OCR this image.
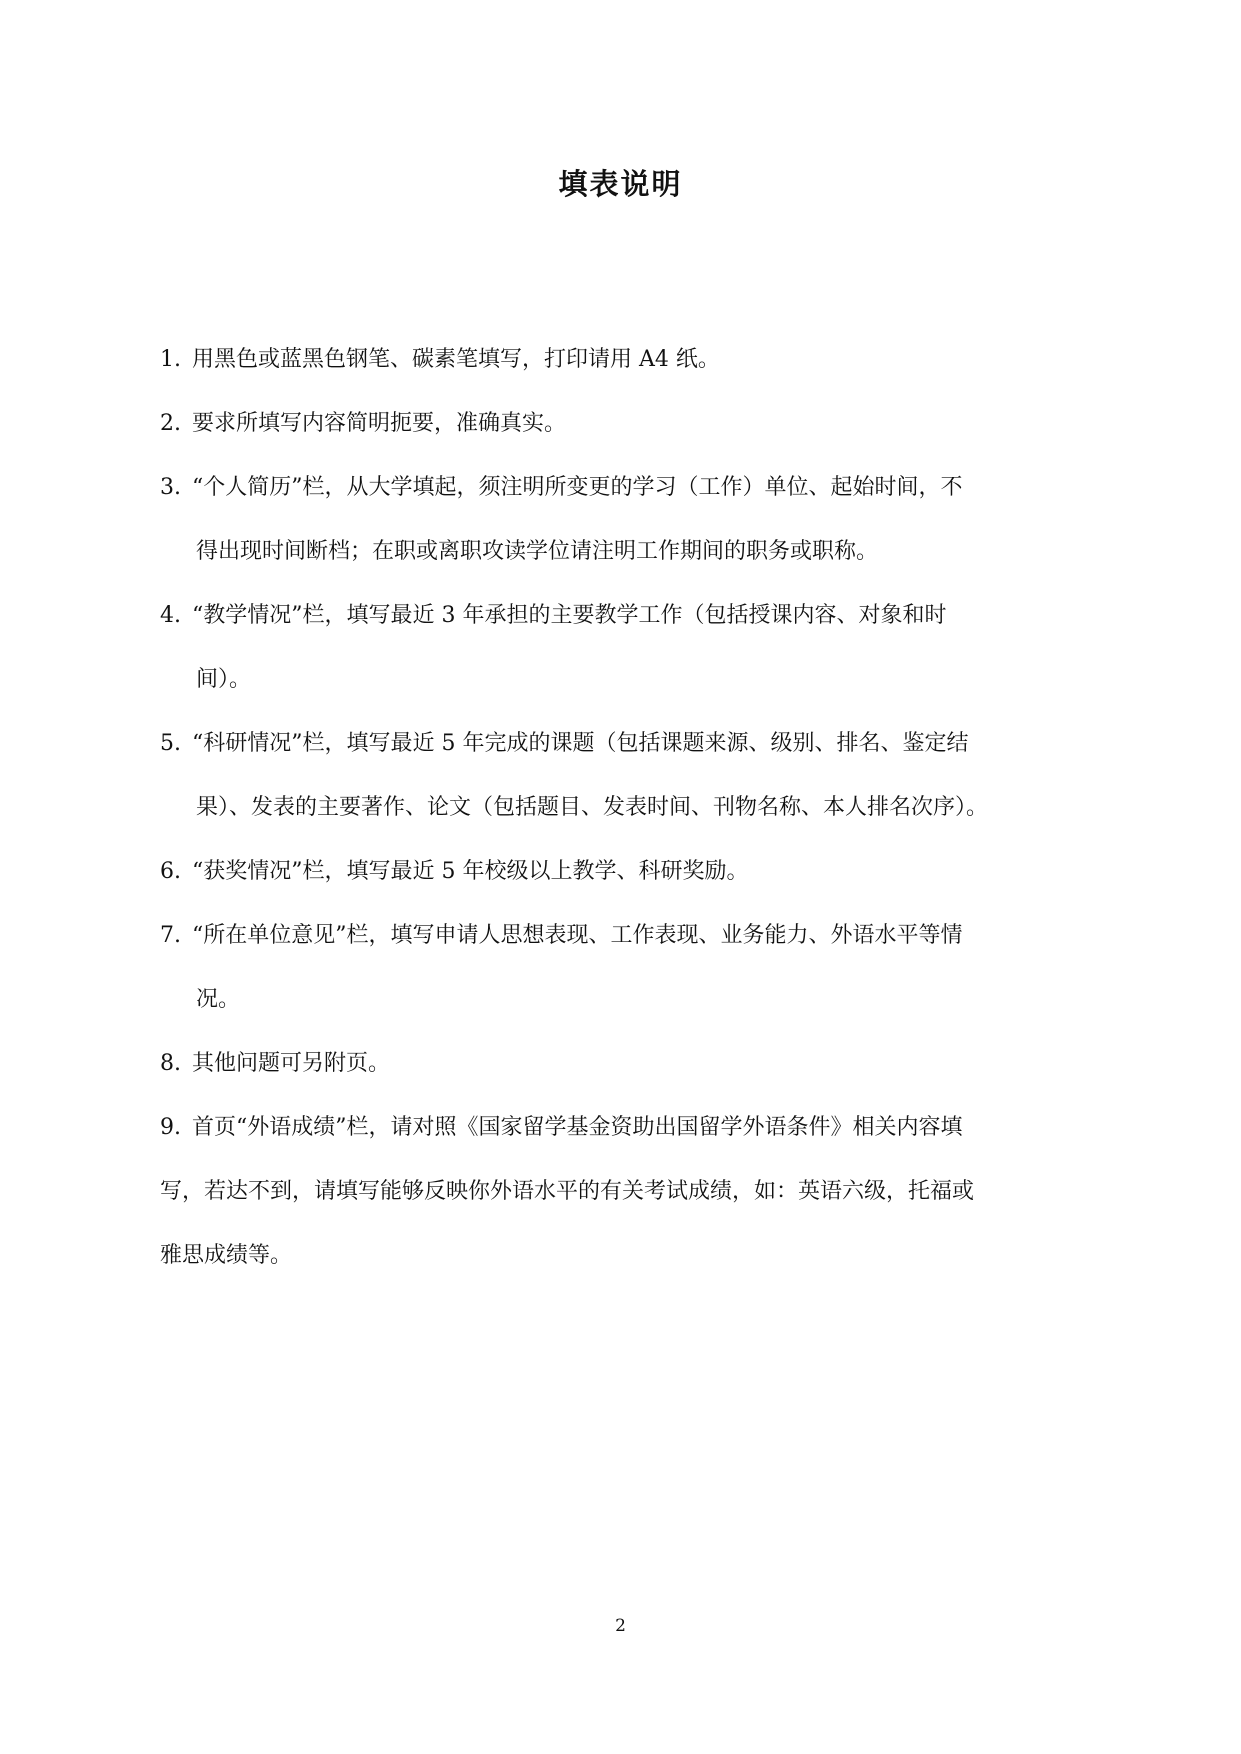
填表说明
1. 用黑色或蓝黑色钢笔、碳素笔填写，打印请用 A4 纸。
2. 要求所填写内容简明扼要，准确真实。
3. “个人简历”栏，从大学填起，须注明所变更的学习（工作）单位、起始时间，不
得出现时间断档；在职或离职攻读学位请注明工作期间的职务或职称。
4. “教学情况”栏，填写最近 3 年承担的主要教学工作（包括授课内容、对象和时
间）。
5. “科研情况”栏，填写最近 5 年完成的课题（包括课题来源、级别、排名、鉴定结
果）、发表的主要著作、论文（包括题目、发表时间、刊物名称、本人排名次序）。
6. “获奖情况”栏，填写最近 5 年校级以上教学、科研奖励。
7. “所在单位意见”栏，填写申请人思想表现、工作表现、业务能力、外语水平等情
况。
8. 其他问题可另附页。
9. 首页“外语成绩”栏，请对照《国家留学基金资助出国留学外语条件》相关内容填
写，若达不到，请填写能够反映你外语水平的有关考试成绩，如：英语六级，托福或
雅思成绩等。
2
